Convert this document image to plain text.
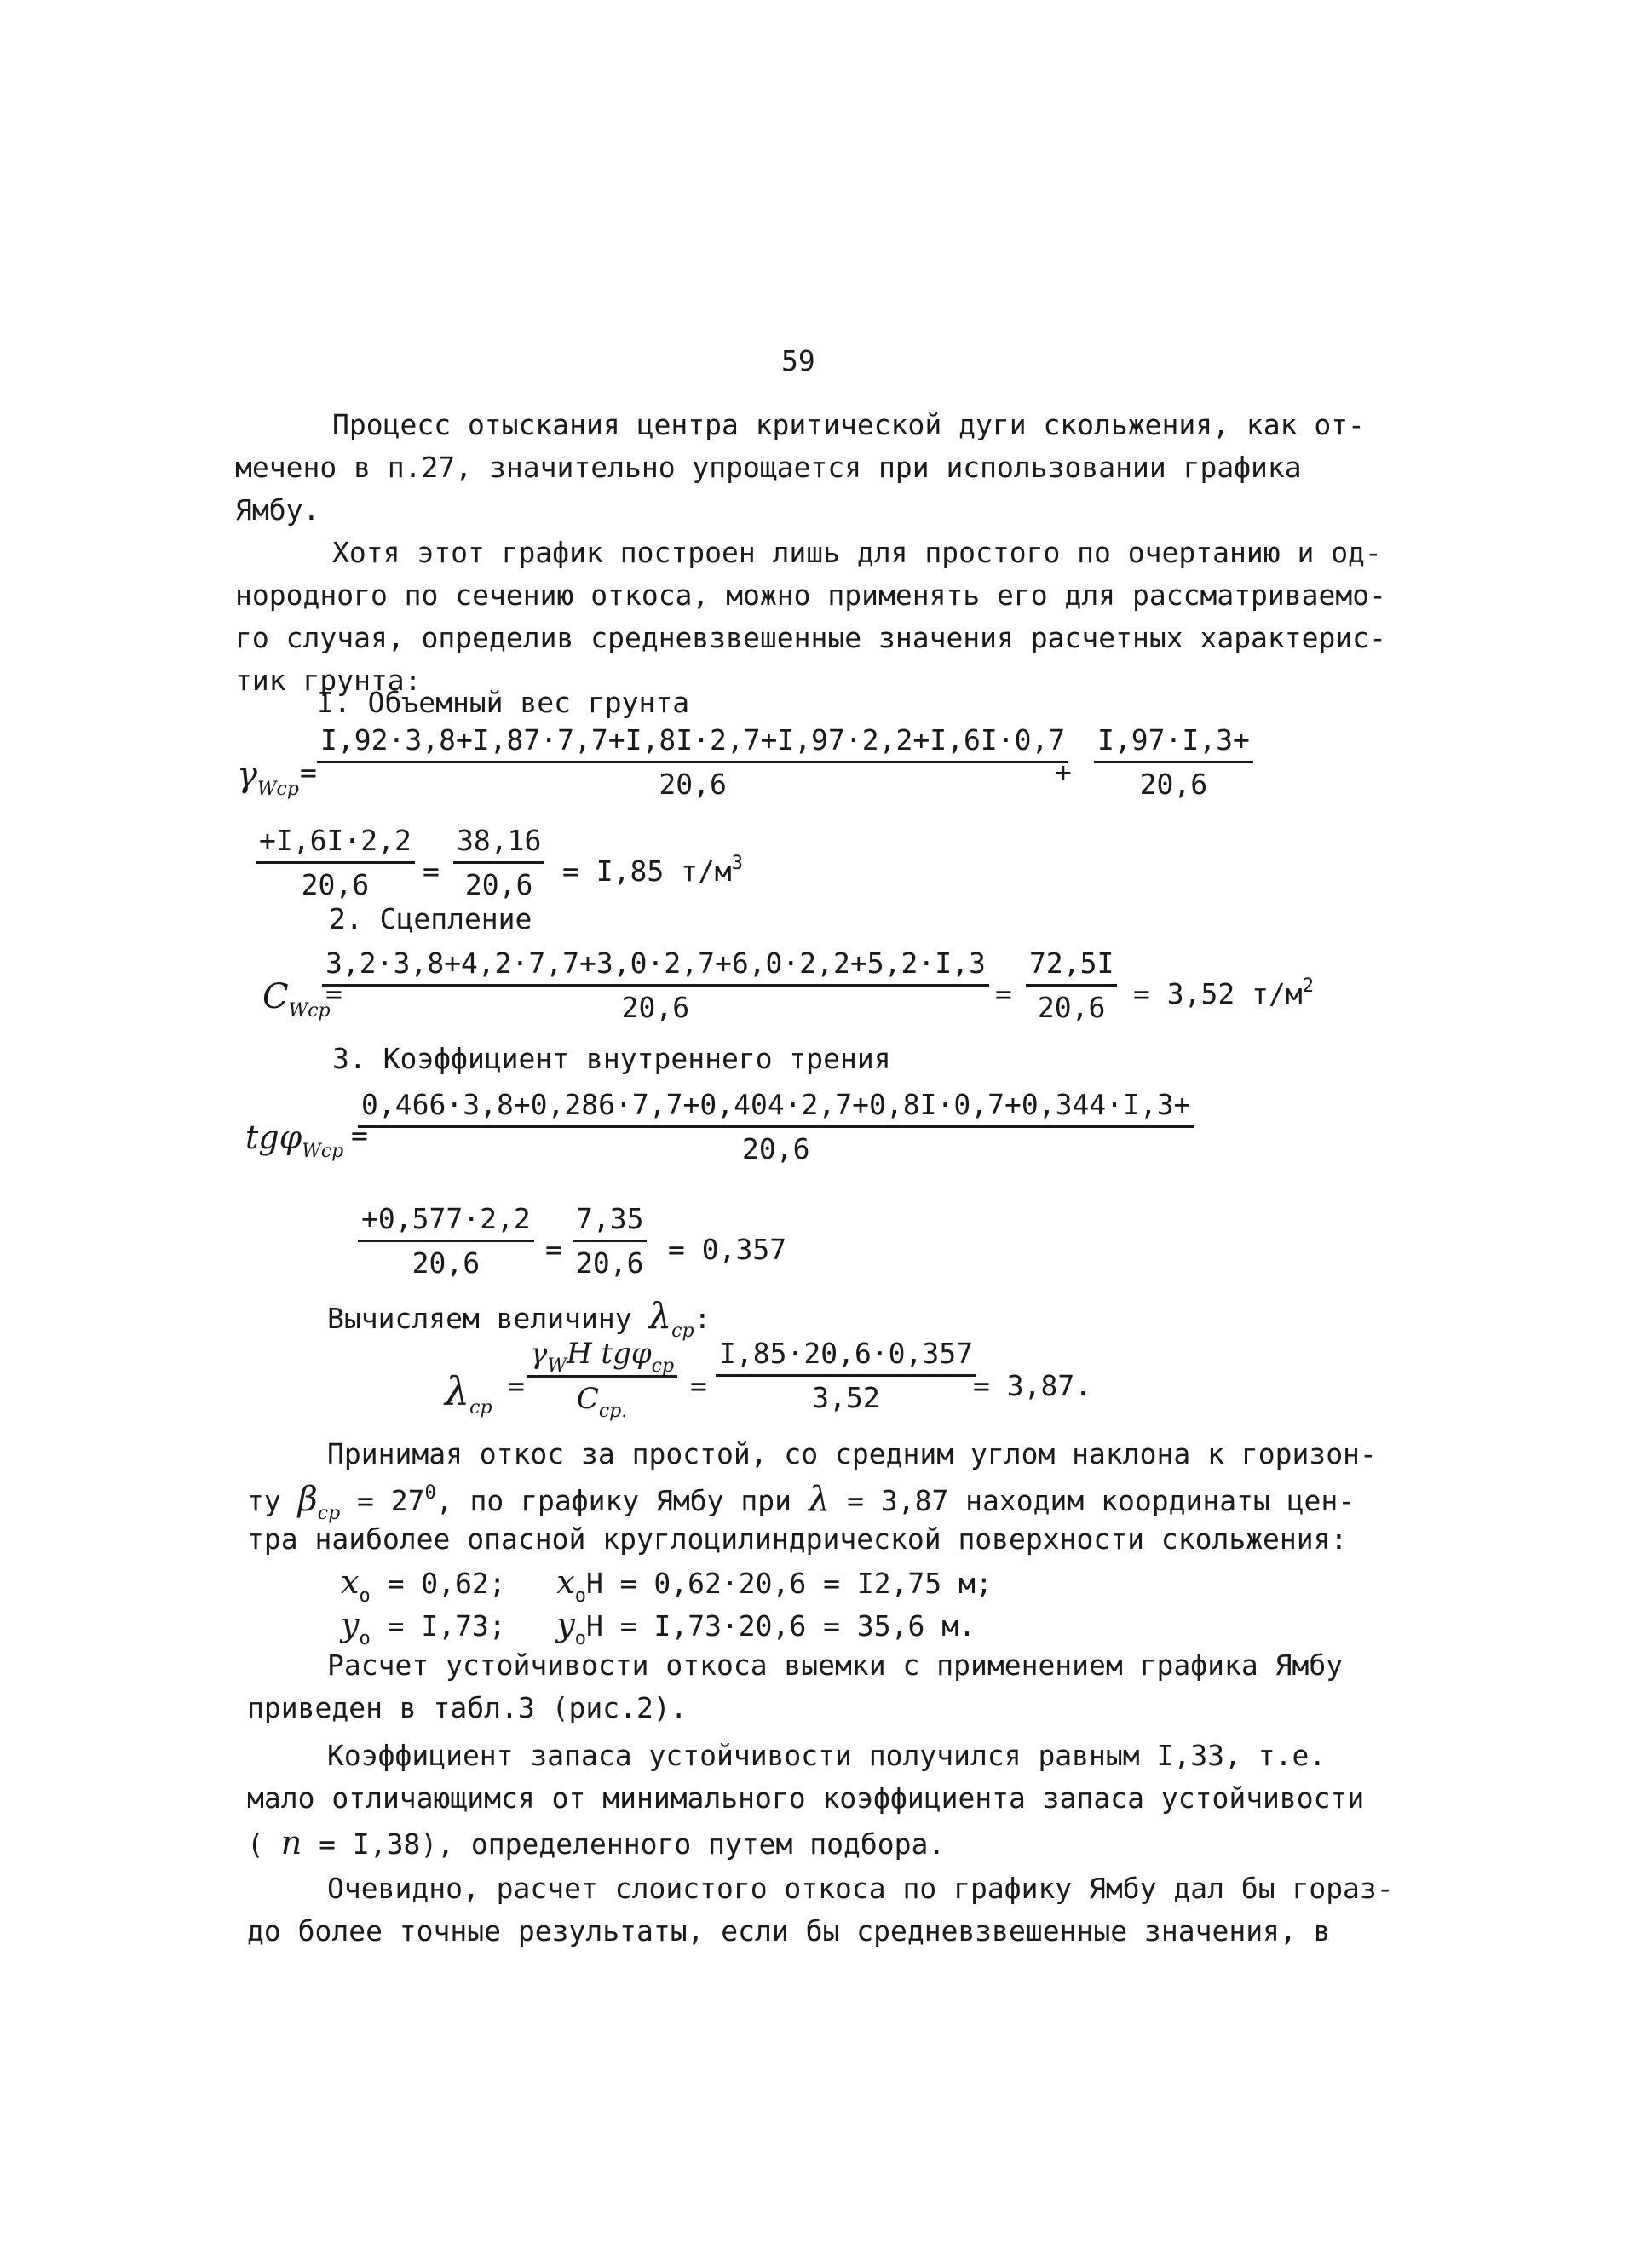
59
Процесс отыскания центра критической дуги скольжения, как от-
мечено в п.27, значительно упрощается при использовании графика
Ямбу.
Хотя этот график построен лишь для простого по очертанию и од-
нородного по сечению откоса, можно применять его для рассматриваемо-
го случая, определив средневзвешенные значения расчетных характерис-
тик грунта:
I. Объемный вес грунта
$\gamma_{Wср}$
= $\frac{I,92\cdot 3,8+I,87\cdot 7,7+I,8I\cdot 2,7+I,97\cdot 2,2+I,6I\cdot 0,7}{20,6}$
+ $\frac{I,97\cdot I,3+}{20,6}$
$\frac{+I,6I\cdot 2,2}{20,6} = \frac{38,16}{20,6} = I,85$ $т/м^3$
2. Сцепление
$C_{Wср}$
=
$\frac{3,2\cdot 3,8+4,2\cdot 7,7+3,0\cdot 2,7+6,0\cdot 2,2+5,2\cdot I,3}{20,6} = \frac{72,5I}{20,6} = 3,52$ $т/м^2$
3. Коэффициент внутреннего трения
tgφ$_{Wср}$ =
$\frac{0,466\cdot 3,8+0,286\cdot 7,7+0,404\cdot 2,7+0,8I\cdot 0,7+0,344\cdot I,3+}{20,6}$
$\frac{+0,577\cdot 2,2}{20,6} = \frac{7,35}{20,6} = 0,357$
Вычисляем величину $\lambda_{ср}$:
$\lambda_{ср}$
=
$\gamma_WH$ tgφ$_{ср}$
$C_{ср.}$
= $\frac{I,85\cdot 20,6\cdot 0,357}{3,52}$
= 3,87.
Принимая откос за простой, со средним углом наклона к горизон-
ту $\beta_{ср} = 27^0$, по графику Ямбу при λ = 3,87 находим координаты цен-
тра наиболее опасной круглоцилиндрической поверхности скольжения:
$x_o = 0,62$; $x_oH = 0,62\cdot 20,6 = I2,75$ м;
$y_o = I,73$; $y_oH = I,73\cdot 20,6 = 35,6$ м.
Расчет устойчивости откоса выемки с применением графика Ямбу
приведен в табл.3 (рис.2).
Коэффициент запаса устойчивости получился равным I,33, т.е.
мало отличающимся от минимального коэффициента запаса устойчивости
( n = I,38), определенного путем подбора.
Очевидно, расчет слоистого откоса по графику Ямбу дал бы гораз-
до более точные результаты, если бы средневзвешенные значения, в
